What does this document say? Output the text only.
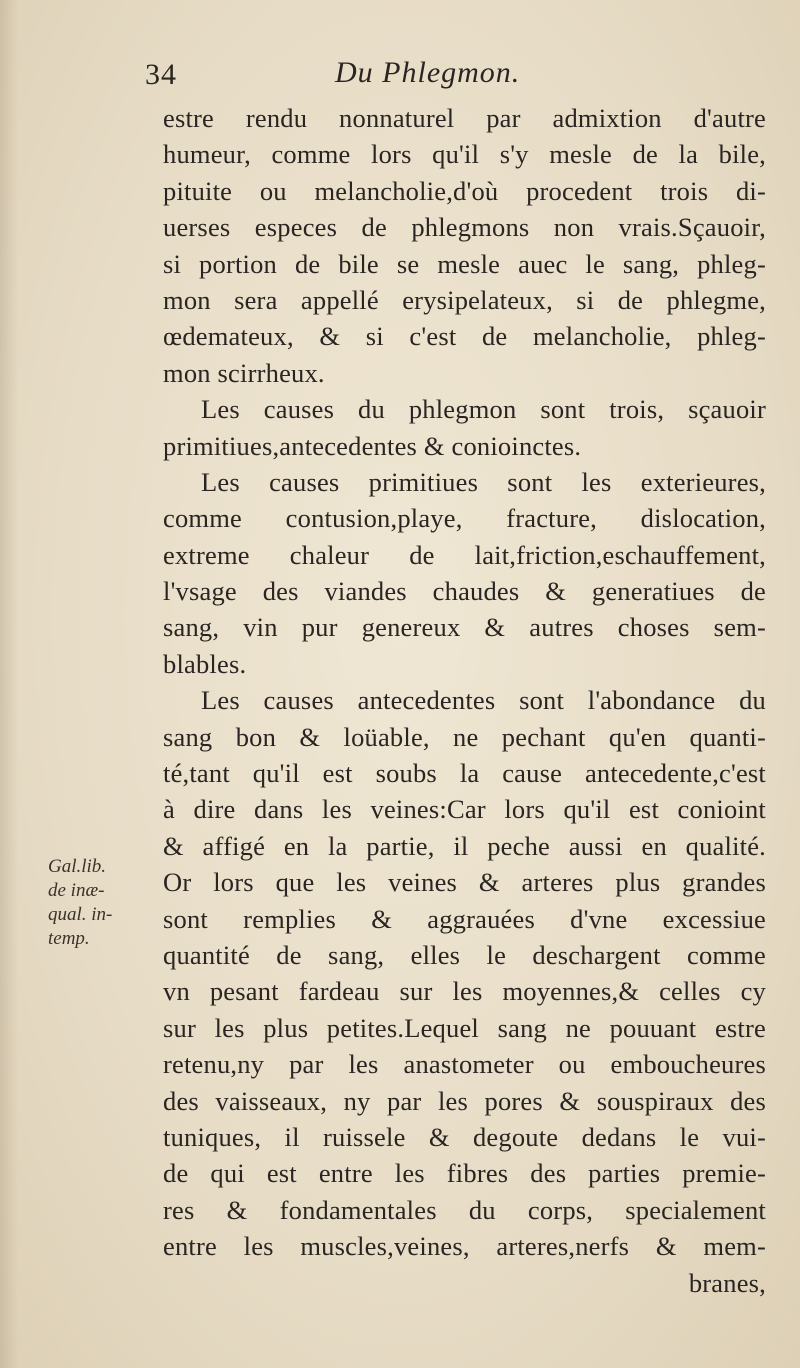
34	Du Phlegmon.
Gal.lib.
de inæ-
qual. in-
temp.
estre rendu nonnaturel par admixtion d'autre
humeur, comme lors qu'il s'y mesle de la bile,
pituite ou melancholie,d'où procedent trois di-
uerses especes de phlegmons non vrais.Sçauoir,
si portion de bile se mesle auec le sang, phleg-
mon sera appellé erysipelateux, si de phlegme,
œdemateux, & si c'est de melancholie, phleg-
mon scirrheux.
Les causes du phlegmon sont trois, sçauoir
primitiues,antecedentes & conioinctes.
Les causes primitiues sont les exterieures,
comme contusion,playe, fracture, dislocation,
extreme chaleur de lait,friction,eschauffement,
l'vsage des viandes chaudes & generatiues de
sang, vin pur genereux & autres choses sem-
blables.
Les causes antecedentes sont l'abondance du
sang bon & loüable, ne pechant qu'en quanti-
té,tant qu'il est soubs la cause antecedente,c'est
à dire dans les veines:Car lors qu'il est conioint
& affigé en la partie, il peche aussi en qualité.
Or lors que les veines & arteres plus grandes
sont remplies & aggrauées d'vne excessiue
quantité de sang, elles le deschargent comme
vn pesant fardeau sur les moyennes,& celles cy
sur les plus petites.Lequel sang ne pouuant estre
retenu,ny par les anastometer ou emboucheures
des vaisseaux, ny par les pores & souspiraux des
tuniques, il ruissele & degoute dedans le vui-
de qui est entre les fibres des parties premie-
res & fondamentales du corps, specialement
entre les muscles,veines, arteres,nerfs & mem-
branes,
